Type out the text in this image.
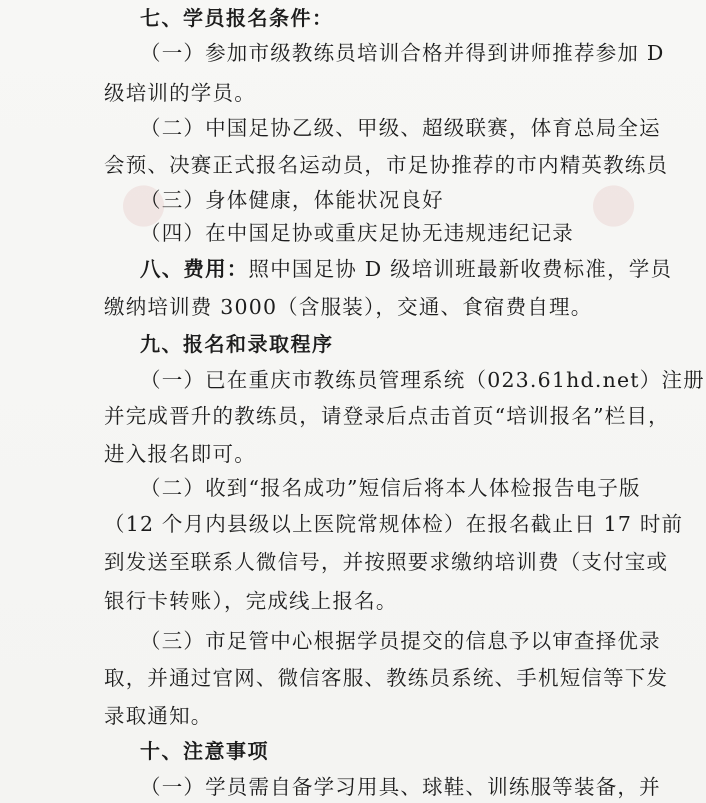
●	●
七、学员报名条件：
（一）参加市级教练员培训合格并得到讲师推荐参加 D
级培训的学员。
（二）中国足协乙级、甲级、超级联赛，体育总局全运
会预、决赛正式报名运动员，市足协推荐的市内精英教练员
（三）身体健康，体能状况良好
（四）在中国足协或重庆足协无违规违纪记录
八、费用：照中国足协 D 级培训班最新收费标准，学员
缴纳培训费 3000（含服装），交通、食宿费自理。
九、报名和录取程序
（一）已在重庆市教练员管理系统（023.61hd.net）注册
并完成晋升的教练员，请登录后点击首页“培训报名”栏目，
进入报名即可。
（二）收到“报名成功”短信后将本人体检报告电子版
（12 个月内县级以上医院常规体检）在报名截止日 17 时前
到发送至联系人微信号，并按照要求缴纳培训费（支付宝或
银行卡转账），完成线上报名。
（三）市足管中心根据学员提交的信息予以审查择优录
取，并通过官网、微信客服、教练员系统、手机短信等下发
录取通知。
十、注意事项
（一）学员需自备学习用具、球鞋、训练服等装备，并
